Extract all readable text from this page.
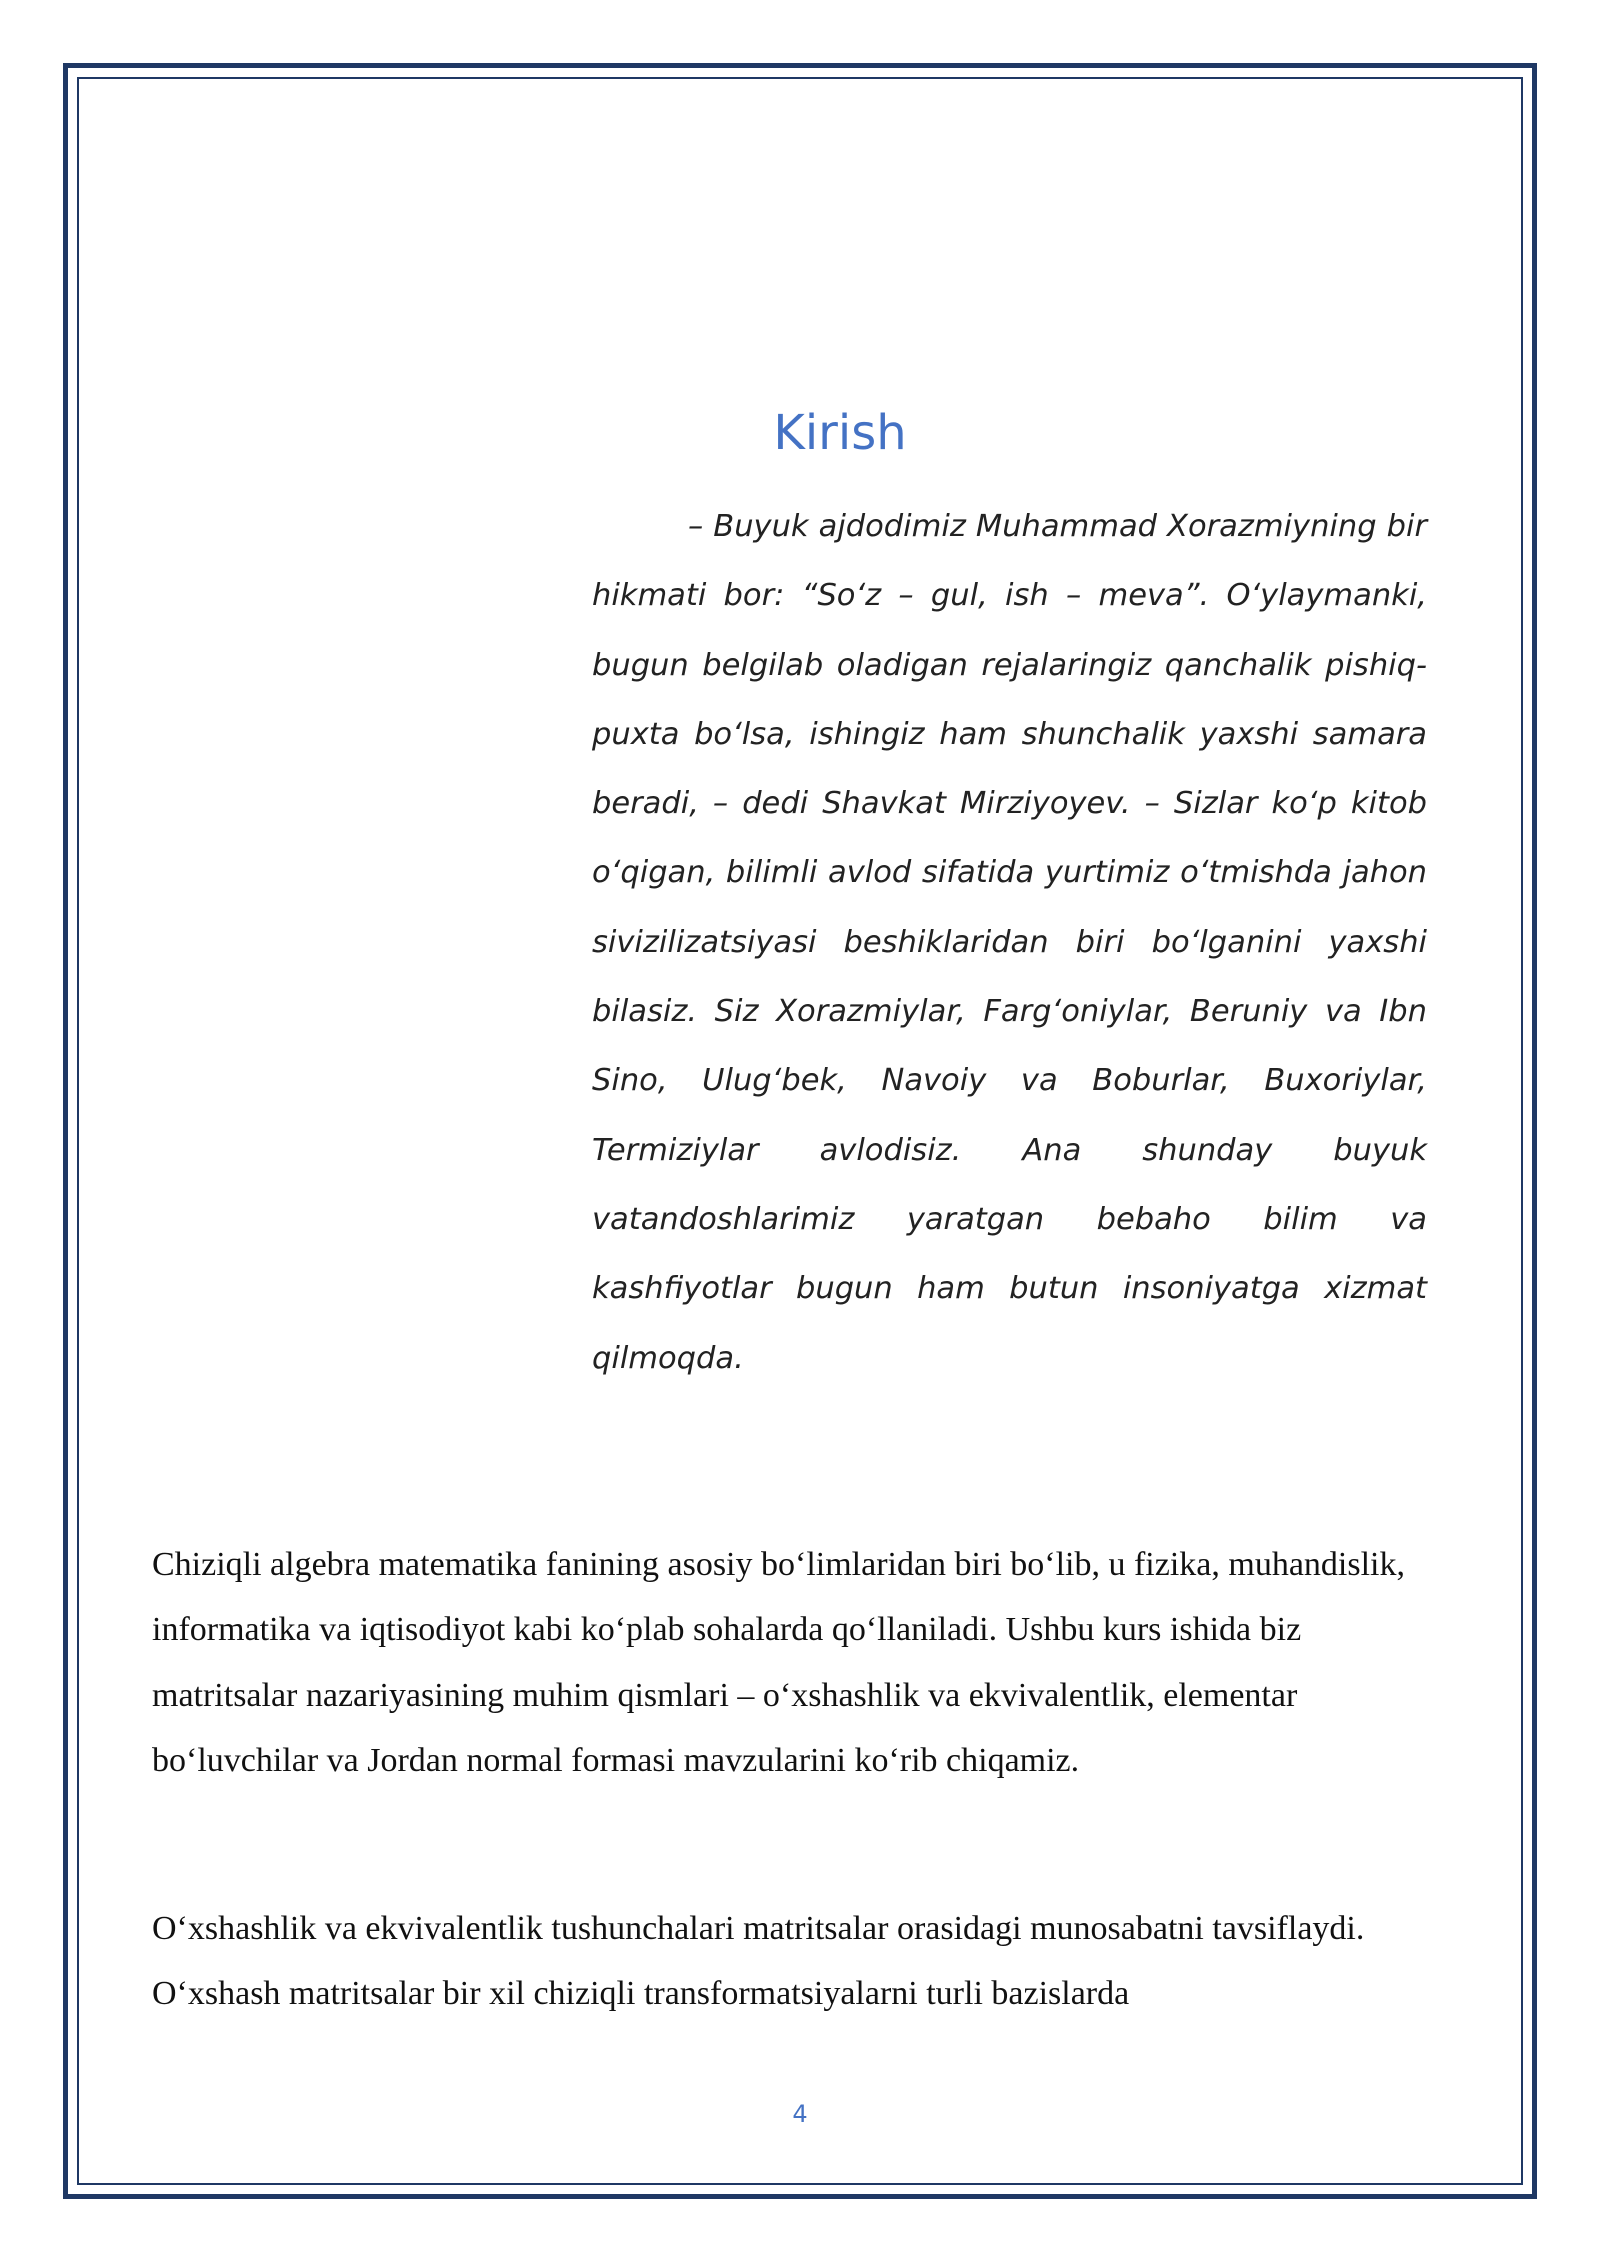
Kirish

– Buyuk ajdodimiz Muhammad Xorazmiyning bir hikmati bor: “So‘z – gul, ish – meva”. O‘ylaymanki, bugun belgilab oladigan rejalaringiz qanchalik pishiq-puxta bo‘lsa, ishingiz ham shunchalik yaxshi samara beradi, – dedi Shavkat Mirziyoyev. – Sizlar ko‘p kitob o‘qigan, bilimli avlod sifatida yurtimiz o‘tmishda jahon sivizilizatsiyasi beshiklaridan biri bo‘lganini yaxshi bilasiz. Siz Xorazmiylar, Farg‘oniylar, Beruniy va Ibn Sino, Ulug‘bek, Navoiy va Boburlar, Buxoriylar, Termiziylar avlodisiz. Ana shunday buyuk vatandoshlarimiz yaratgan bebaho bilim va kashfiyotlar bugun ham butun insoniyatga xizmat qilmoqda.

Chiziqli algebra matematika fanining asosiy bo‘limlaridan biri bo‘lib, u fizika, muhandislik, informatika va iqtisodiyot kabi ko‘plab sohalarda qo‘llaniladi. Ushbu kurs ishida biz matritsalar nazariyasining muhim qismlari – o‘xshashlik va ekvivalentlik, elementar bo‘luvchilar va Jordan normal formasi mavzularini ko‘rib chiqamiz.

O‘xshashlik va ekvivalentlik tushunchalari matritsalar orasidagi munosabatni tavsiflaydi. O‘xshash matritsalar bir xil chiziqli transformatsiyalarni turli bazislarda

4
